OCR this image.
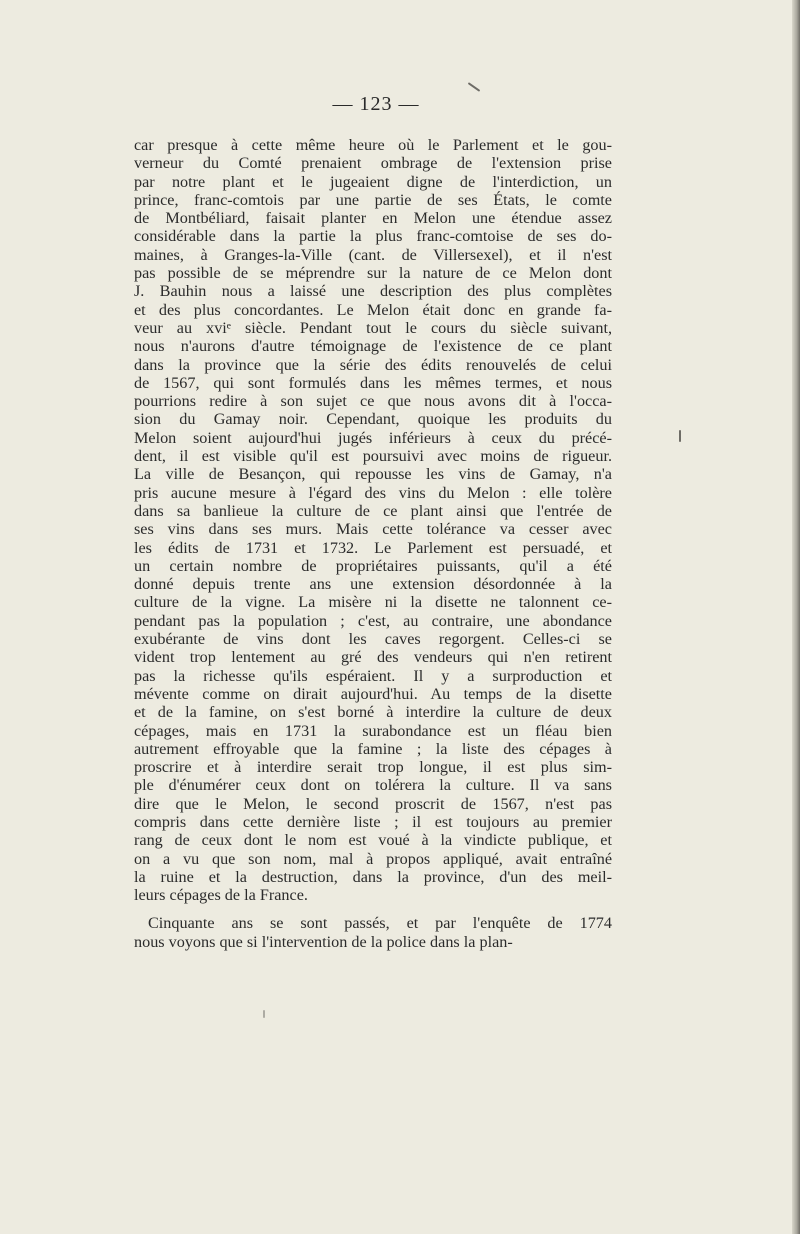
— 123 —

car presque à cette même heure où le Parlement et le gou-
verneur du Comté prenaient ombrage de l'extension prise
par notre plant et le jugeaient digne de l'interdiction, un
prince, franc-comtois par une partie de ses États, le comte
de Montbéliard, faisait planter en Melon une étendue assez
considérable dans la partie la plus franc-comtoise de ses do-
maines, à Granges-la-Ville (cant. de Villersexel), et il n'est
pas possible de se méprendre sur la nature de ce Melon dont
J. Bauhin nous a laissé une description des plus complètes
et des plus concordantes. Le Melon était donc en grande fa-
veur au xviᵉ siècle. Pendant tout le cours du siècle suivant,
nous n'aurons d'autre témoignage de l'existence de ce plant
dans la province que la série des édits renouvelés de celui
de 1567, qui sont formulés dans les mêmes termes, et nous
pourrions redire à son sujet ce que nous avons dit à l'occa-
sion du Gamay noir. Cependant, quoique les produits du
Melon soient aujourd'hui jugés inférieurs à ceux du précé-
dent, il est visible qu'il est poursuivi avec moins de rigueur.
La ville de Besançon, qui repousse les vins de Gamay, n'a
pris aucune mesure à l'égard des vins du Melon : elle tolère
dans sa banlieue la culture de ce plant ainsi que l'entrée de
ses vins dans ses murs. Mais cette tolérance va cesser avec
les édits de 1731 et 1732. Le Parlement est persuadé, et
un certain nombre de propriétaires puissants, qu'il a été
donné depuis trente ans une extension désordonnée à la
culture de la vigne. La misère ni la disette ne talonnent ce-
pendant pas la population ; c'est, au contraire, une abondance
exubérante de vins dont les caves regorgent. Celles-ci se
vident trop lentement au gré des vendeurs qui n'en retirent
pas la richesse qu'ils espéraient. Il y a surproduction et
mévente comme on dirait aujourd'hui. Au temps de la disette
et de la famine, on s'est borné à interdire la culture de deux
cépages, mais en 1731 la surabondance est un fléau bien
autrement effroyable que la famine ; la liste des cépages à
proscrire et à interdire serait trop longue, il est plus sim-
ple d'énumérer ceux dont on tolérera la culture. Il va sans
dire que le Melon, le second proscrit de 1567, n'est pas
compris dans cette dernière liste ; il est toujours au premier
rang de ceux dont le nom est voué à la vindicte publique, et
on a vu que son nom, mal à propos appliqué, avait entraîné
la ruine et la destruction, dans la province, d'un des meil-
leurs cépages de la France.

Cinquante ans se sont passés, et par l'enquête de 1774
nous voyons que si l'intervention de la police dans la plan-
